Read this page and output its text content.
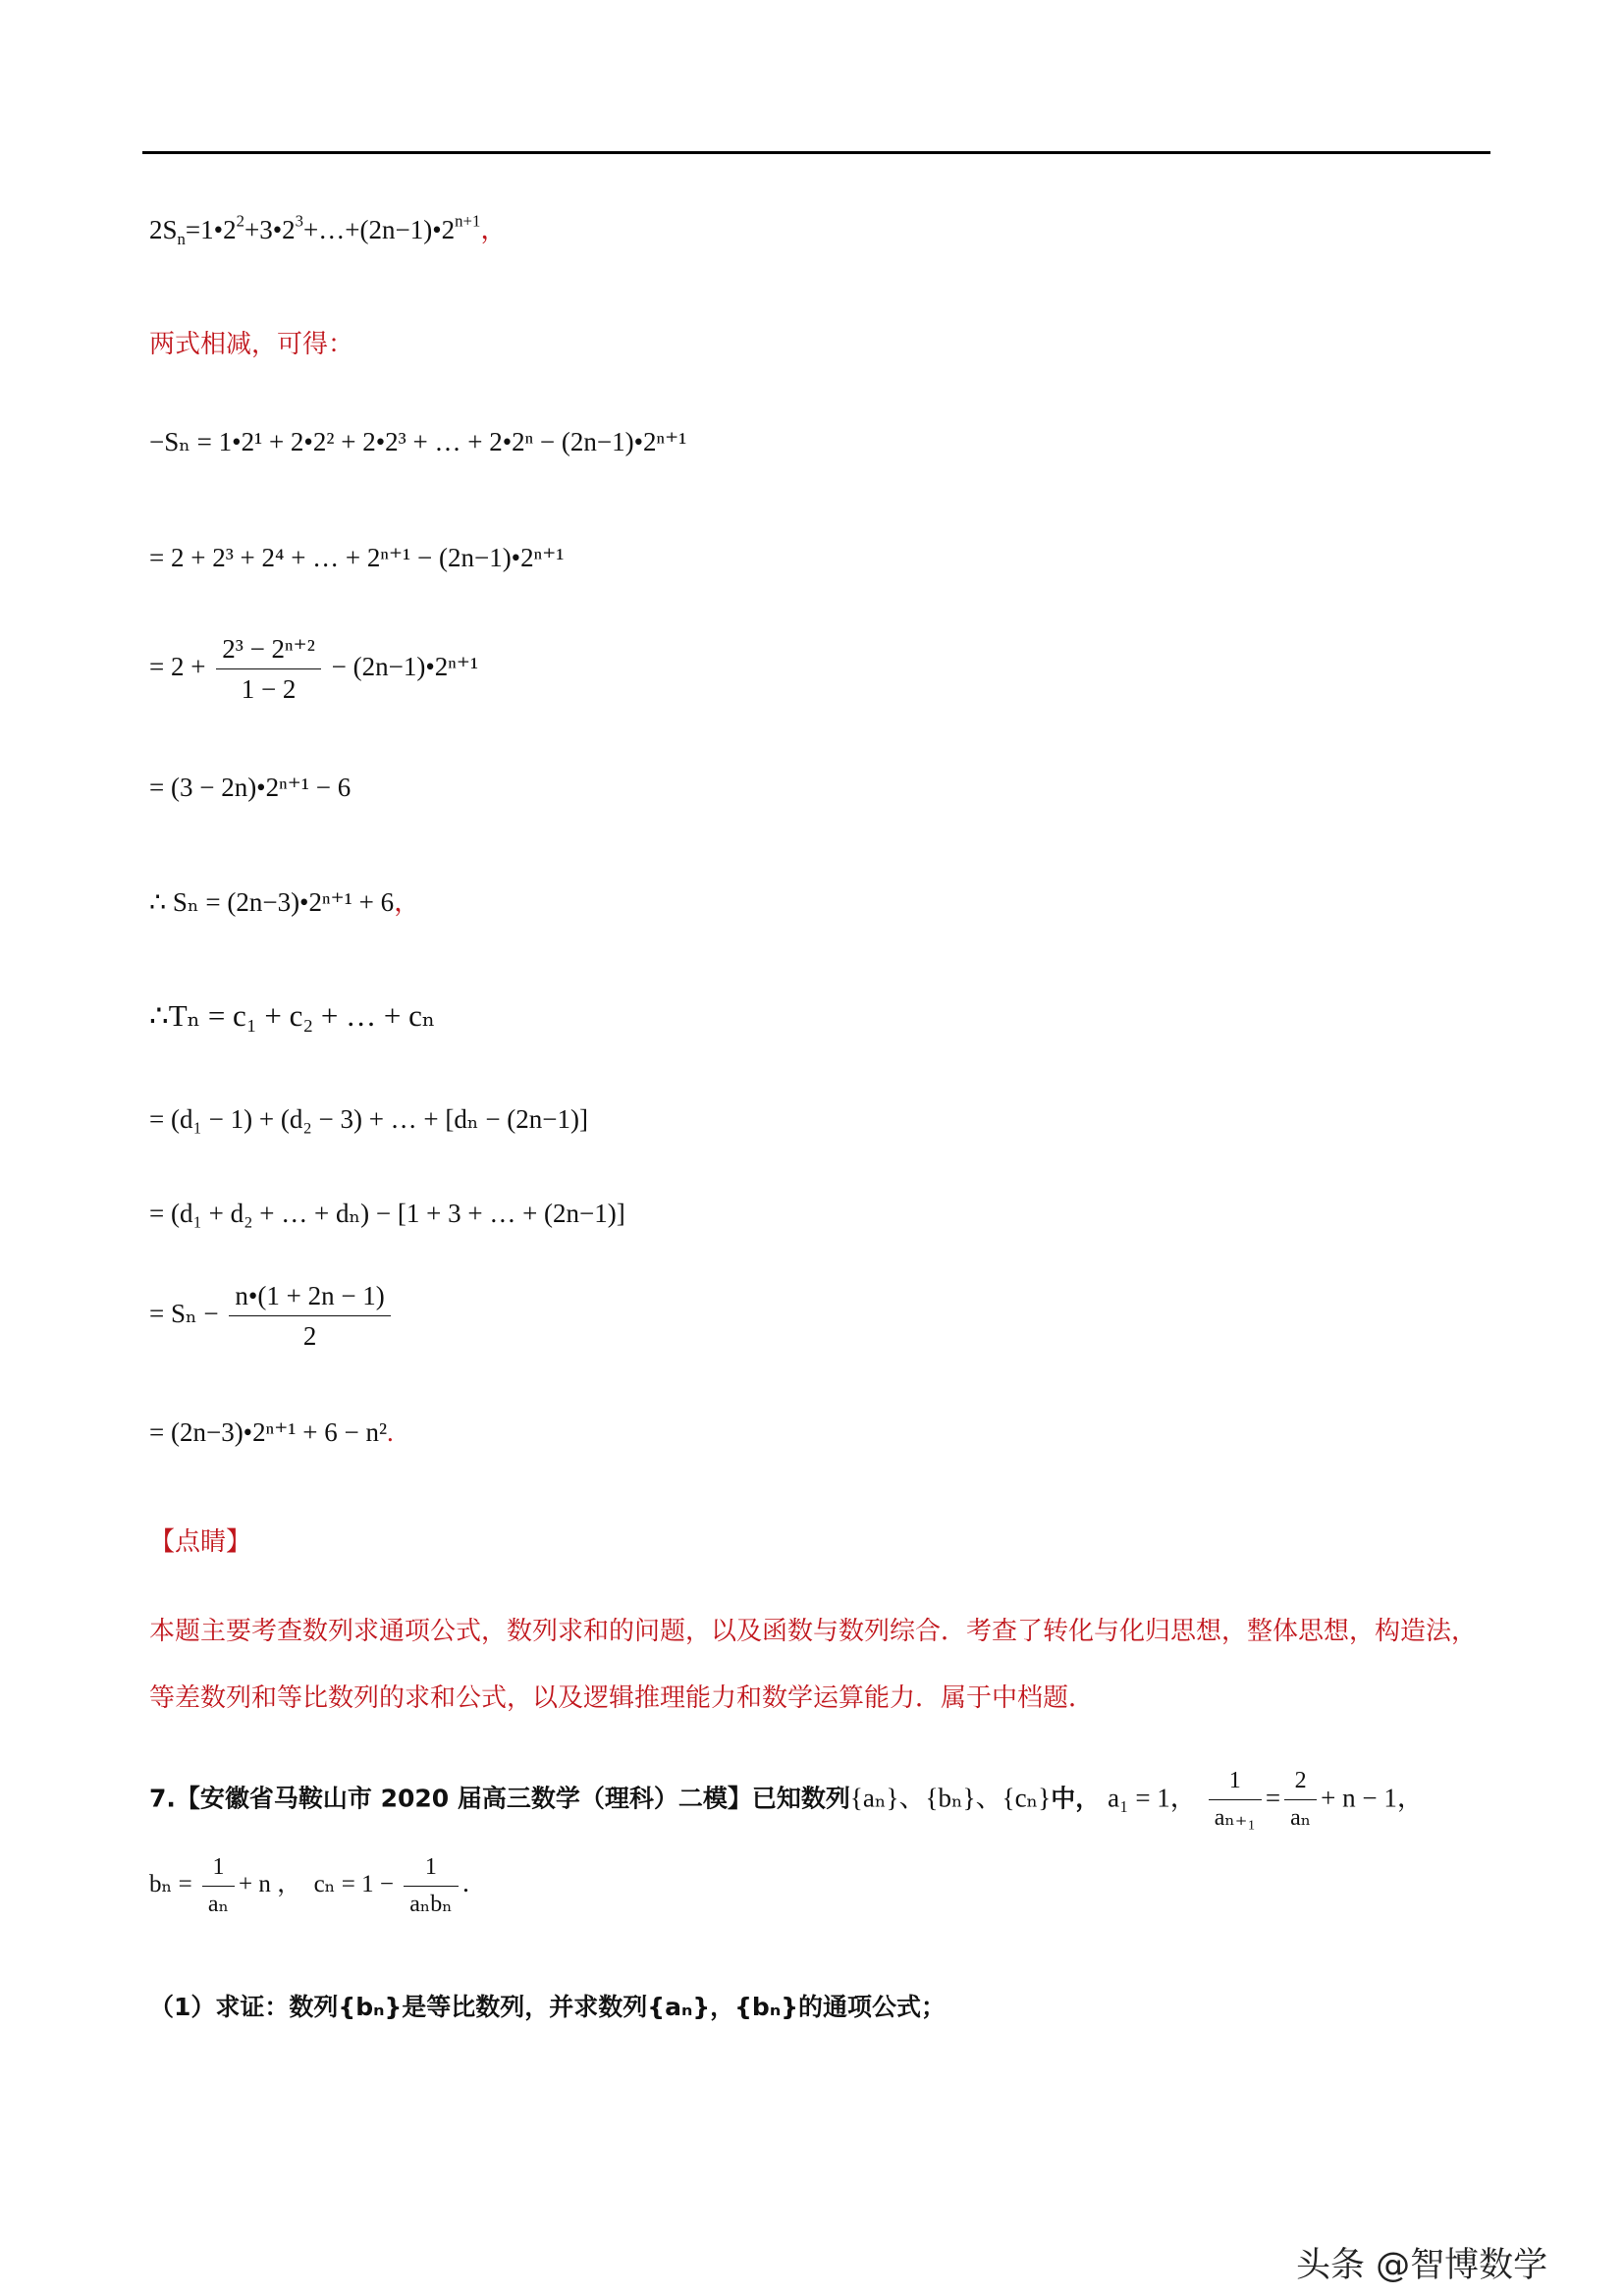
$2S_n=1•2^2+3•2^3+\dots+(2n-1)•2^{n+1}$，
两式相减，可得：
−Sₙ = 1•2¹ + 2•2² + 2•2³ + … + 2•2ⁿ − (2n−1)•2ⁿ⁺¹
= 2 + 2³ + 2⁴ + … + 2ⁿ⁺¹ − (2n−1)•2ⁿ⁺¹
= $2 + \frac{\text{2³ − 2ⁿ⁺²}}{1 - 2}$ − (2n−1)•2ⁿ⁺¹
= (3 − 2n)•2ⁿ⁺¹ − 6
∴ Sₙ = (2n−3)•2ⁿ⁺¹ + 6，
∴Tₙ = c₁ + c₂ + … + cₙ
= (d₁ − 1) + (d₂ − 3) + … + [dₙ − (2n−1)]
= (d₁ + d₂ + … + dₙ) − [1 + 3 + … + (2n−1)]
= $S_n - \frac{n•(1 + 2n - 1)}{2}$
= (2n−3)•2ⁿ⁺¹ + 6 − n².
【点睛】
本题主要考查数列求通项公式，数列求和的问题，以及函数与数列综合．考查了转化与化归思想，整体思想，构造法，等差数列和等比数列的求和公式，以及逻辑推理能力和数学运算能力．属于中档题．
7.【安徽省马鞍山市 2020 届高三数学（理科）二模】已知数列{aₙ}、{bₙ}、{cₙ}中， a₁ = 1， $\frac{1}{\text{aₙ₊₁}} = \frac{2}{\text{aₙ}} + n - 1$，
$b_n = \frac{1}{\text{aₙ}} + n$ ， $c_n = 1 - \frac{1}{\text{aₙbₙ}}$ ．
（1）求证：数列{bₙ}是等比数列，并求数列{aₙ}，{bₙ}的通项公式；
头条 @智博数学
